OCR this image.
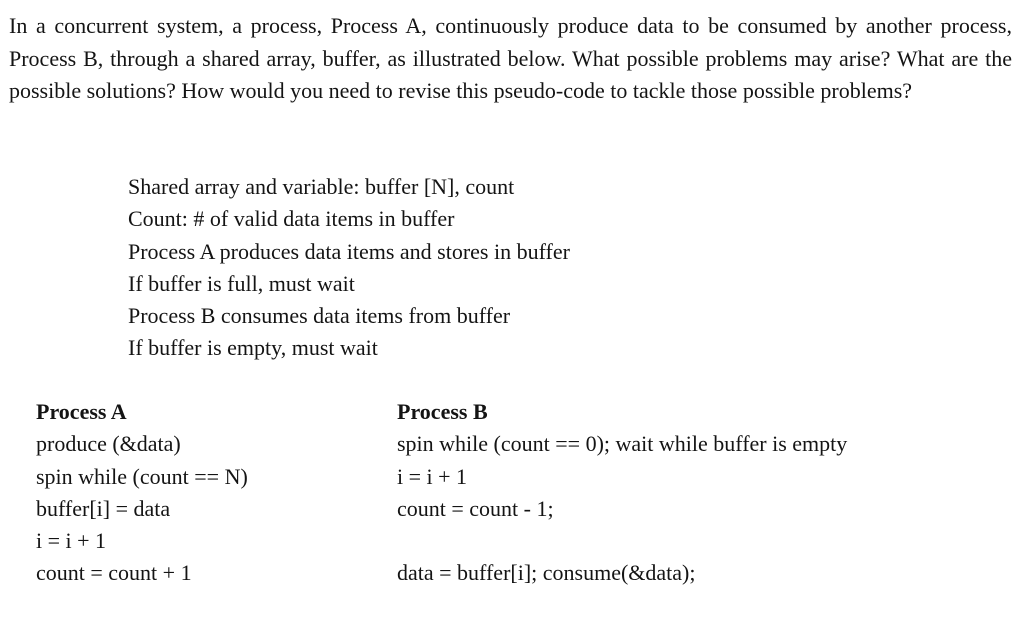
In a concurrent system, a process, Process A, continuously produce data to be consumed by another process, Process B, through a shared array, buffer, as illustrated below. What possible problems may arise? What are the possible solutions? How would you need to revise this pseudo-code to tackle those possible problems?

Shared array and variable: buffer [N], count
Count: # of valid data items in buffer
Process A produces data items and stores in buffer
If buffer is full, must wait
Process B consumes data items from buffer
If buffer is empty, must wait
Process A
produce (&data)
spin while (count == N)
buffer[i] = data
i = i + 1
count = count + 1
Process B
spin while (count == 0); wait while buffer is empty
i = i + 1
count = count - 1;
data = buffer[i]; consume(&data);
